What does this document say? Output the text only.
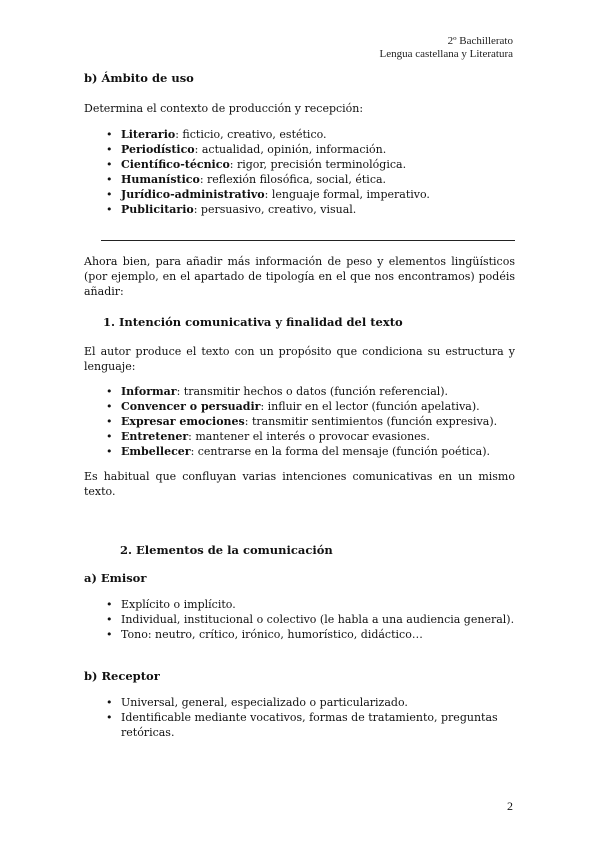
2º Bachillerato
Lengua castellana y Literatura
b) Ámbito de uso
Determina el contexto de producción y recepción:
• Literario: ficticio, creativo, estético.
• Periodístico: actualidad, opinión, información.
• Científico-técnico: rigor, precisión terminológica.
• Humanístico: reflexión filosófica, social, ética.
• Jurídico-administrativo: lenguaje formal, imperativo.
• Publicitario: persuasivo, creativo, visual.
Ahora bien, para añadir más información de peso y elementos lingüísticos (por ejemplo, en el apartado de tipología en el que nos encontramos) podéis añadir:
1. Intención comunicativa y finalidad del texto
El autor produce el texto con un propósito que condiciona su estructura y lenguaje:
• Informar: transmitir hechos o datos (función referencial).
• Convencer o persuadir: influir en el lector (función apelativa).
• Expresar emociones: transmitir sentimientos (función expresiva).
• Entretener: mantener el interés o provocar evasiones.
• Embellecer: centrarse en la forma del mensaje (función poética).
Es habitual que confluyan varias intenciones comunicativas en un mismo texto.
2. Elementos de la comunicación
a) Emisor
• Explícito o implícito.
• Individual, institucional o colectivo (le habla a una audiencia general).
• Tono: neutro, crítico, irónico, humorístico, didáctico…
b) Receptor
• Universal, general, especializado o particularizado.
• Identificable mediante vocativos, formas de tratamiento, preguntas retóricas.
2
